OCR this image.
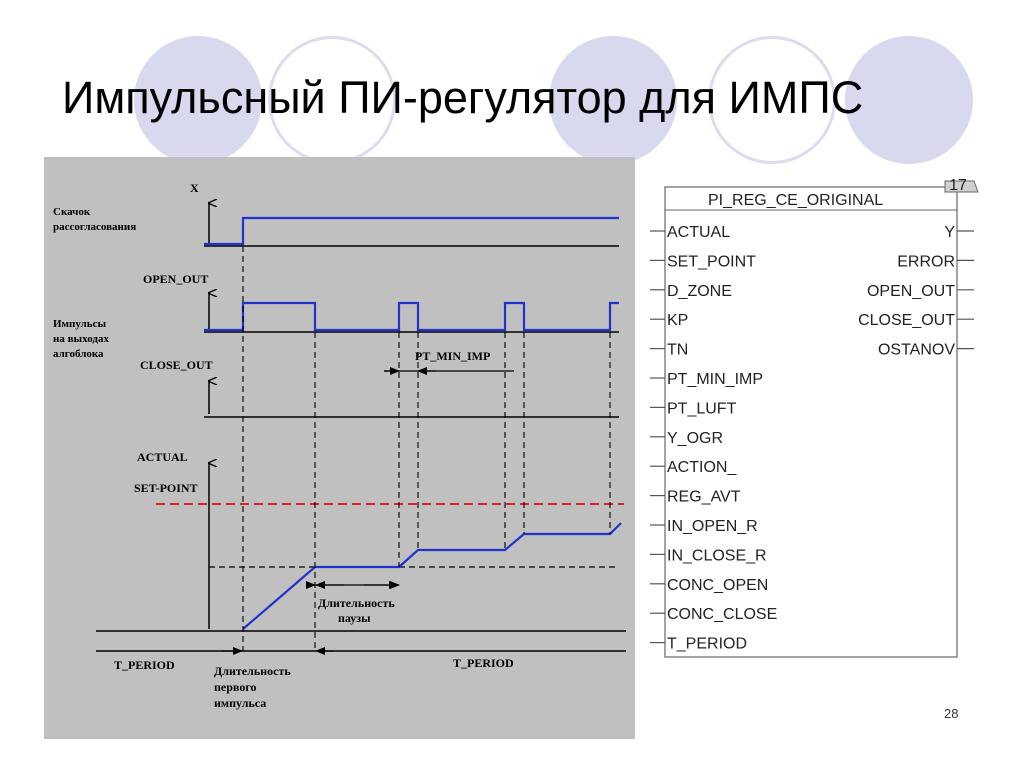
Импульсный ПИ-регулятор для ИМПС
X
Скачок
рассогласования
OPEN_OUT
Импульсы
на выходах
алгоблока
CLOSE_OUT
PT_MIN_IMP
ACTUAL
SET-POINT
Длительность
паузы
T_PERIOD	T_PERIOD
Длительность
первого
импульса
17
PI_REG_CE_ORIGINAL
ACTUAL
SET_POINT
D_ZONE
KP
TN
PT_MIN_IMP
PT_LUFT
Y_OGR
ACTION_
REG_AVT
IN_OPEN_R
IN_CLOSE_R
CONC_OPEN
CONC_CLOSE
T_PERIOD
Y
ERROR
OPEN_OUT
CLOSE_OUT
OSTANOV
28
